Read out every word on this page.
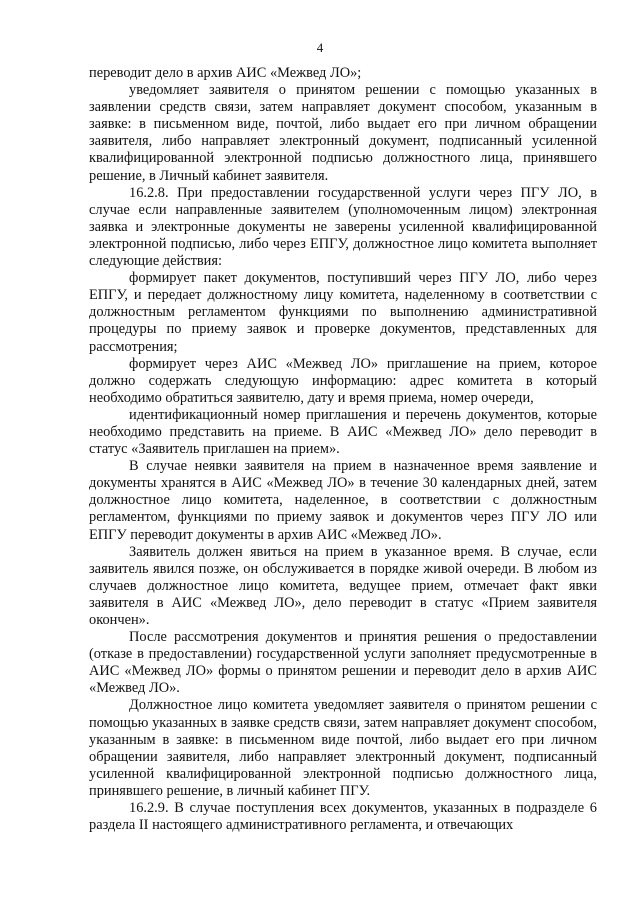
4

переводит дело в архив АИС «Межвед ЛО»;

уведомляет заявителя о принятом решении с помощью указанных в заявлении средств связи, затем направляет документ способом, указанным в заявке: в письменном виде, почтой, либо выдает его при личном обращении заявителя, либо направляет электронный документ, подписанный усиленной квалифицированной электронной подписью должностного лица, принявшего решение, в Личный кабинет заявителя.

16.2.8. При предоставлении государственной услуги через ПГУ ЛО, в случае если направленные заявителем (уполномоченным лицом) электронная заявка и электронные документы не заверены усиленной квалифицированной электронной подписью, либо через ЕПГУ, должностное лицо комитета выполняет следующие действия:

формирует пакет документов, поступивший через ПГУ ЛО, либо через ЕПГУ, и передает должностному лицу комитета, наделенному в соответствии с должностным регламентом функциями по выполнению административной процедуры по приему заявок и проверке документов, представленных для рассмотрения;

формирует через АИС «Межвед ЛО» приглашение на прием, которое должно содержать следующую информацию: адрес комитета в который необходимо обратиться заявителю, дату и время приема, номер очереди,

идентификационный номер приглашения и перечень документов, которые необходимо представить на приеме. В АИС «Межвед ЛО» дело переводит в статус «Заявитель приглашен на прием».

В случае неявки заявителя на прием в назначенное время заявление и документы хранятся в АИС «Межвед ЛО» в течение 30 календарных дней, затем должностное лицо комитета, наделенное, в соответствии с должностным регламентом, функциями по приему заявок и документов через ПГУ ЛО или ЕПГУ переводит документы в архив АИС «Межвед ЛО».

Заявитель должен явиться на прием в указанное время. В случае, если заявитель явился позже, он обслуживается в порядке живой очереди. В любом из случаев должностное лицо комитета, ведущее прием, отмечает факт явки заявителя в АИС «Межвед ЛО», дело переводит в статус «Прием заявителя окончен».

После рассмотрения документов и принятия решения о предоставлении (отказе в предоставлении) государственной услуги заполняет предусмотренные в АИС «Межвед ЛО» формы о принятом решении и переводит дело в архив АИС «Межвед ЛО».

Должностное лицо комитета уведомляет заявителя о принятом решении с помощью указанных в заявке средств связи, затем направляет документ способом, указанным в заявке: в письменном виде почтой, либо выдает его при личном обращении заявителя, либо направляет электронный документ, подписанный усиленной квалифицированной электронной подписью должностного лица, принявшего решение, в личный кабинет ПГУ.

16.2.9. В случае поступления всех документов, указанных в подразделе 6 раздела II настоящего административного регламента, и отвечающих
